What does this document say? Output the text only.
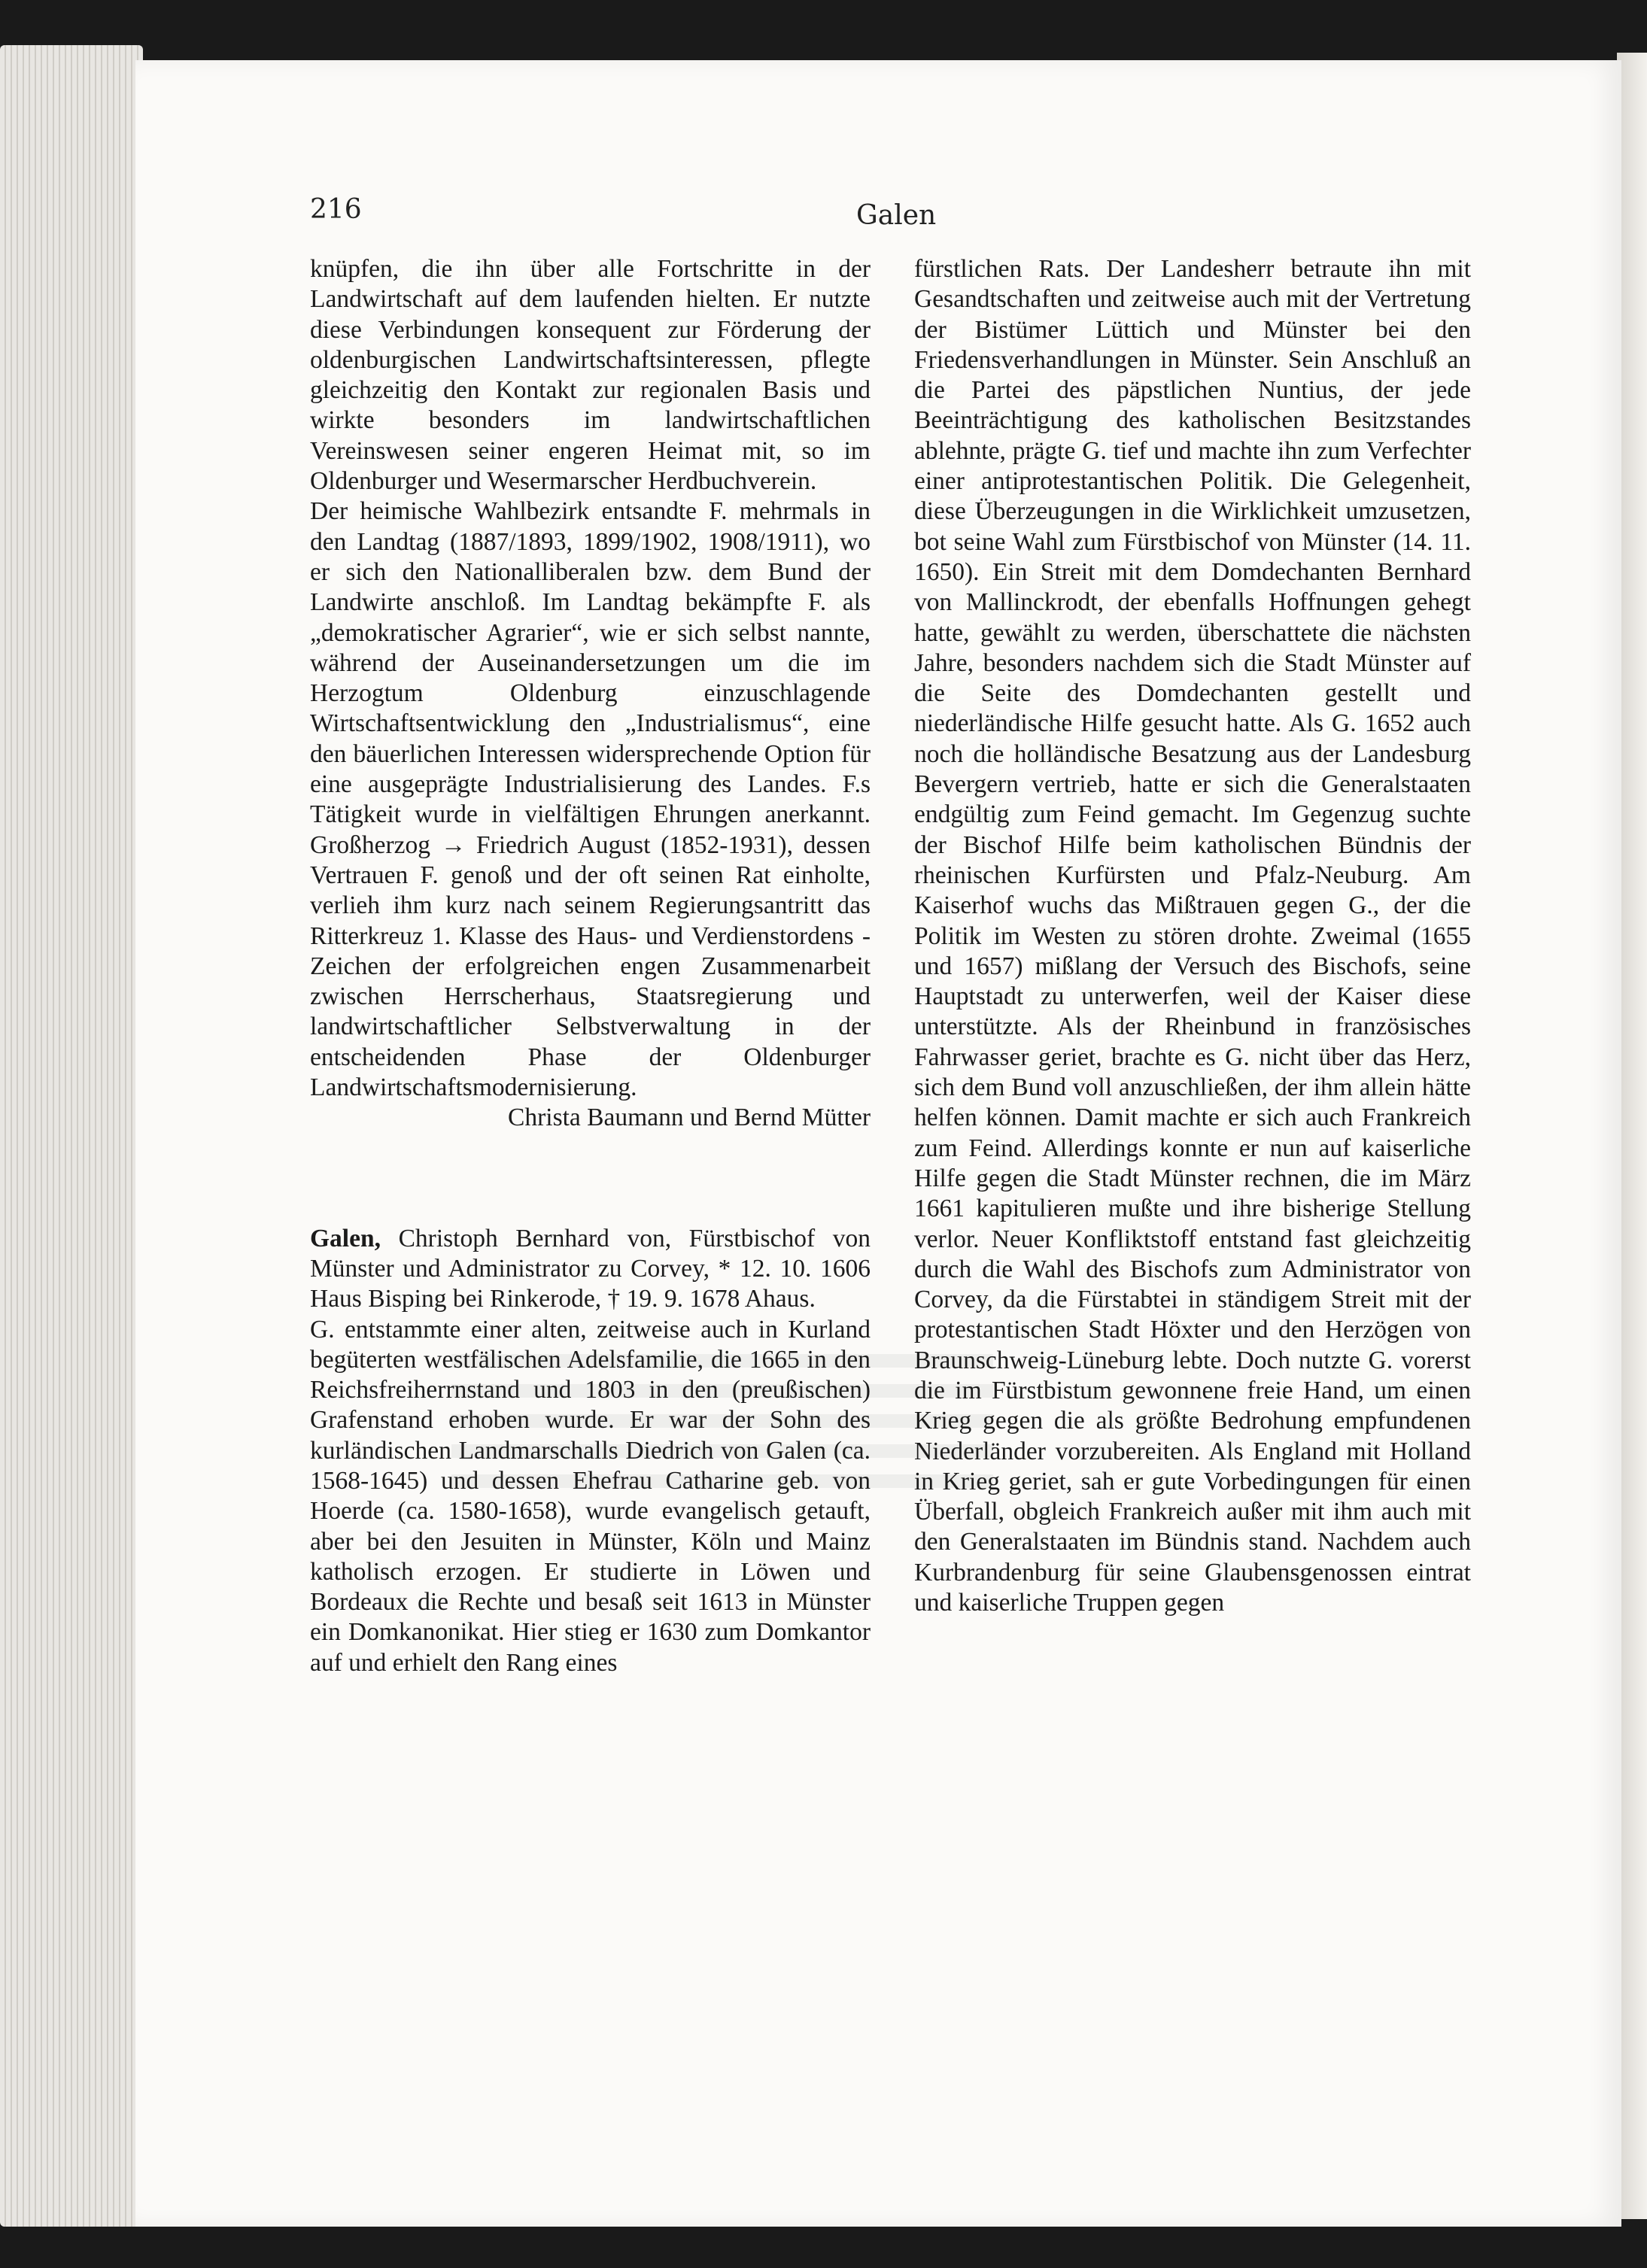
216	Galen

knüpfen, die ihn über alle Fortschritte in der Landwirtschaft auf dem laufenden hielten. Er nutzte diese Verbindungen konsequent zur Förderung der oldenburgischen Landwirtschaftsinteressen, pflegte gleichzeitig den Kontakt zur regionalen Basis und wirkte besonders im landwirtschaftlichen Vereinswesen seiner engeren Heimat mit, so im Oldenburger und Wesermarscher Herdbuchverein.

Der heimische Wahlbezirk entsandte F. mehrmals in den Landtag (1887/1893, 1899/1902, 1908/1911), wo er sich den Nationalliberalen bzw. dem Bund der Landwirte anschloß. Im Landtag bekämpfte F. als „demokratischer Agrarier“, wie er sich selbst nannte, während der Auseinandersetzungen um die im Herzogtum Oldenburg einzuschlagende Wirtschaftsentwicklung den „Industrialismus“, eine den bäuerlichen Interessen widersprechende Option für eine ausgeprägte Industrialisierung des Landes. F.s Tätigkeit wurde in vielfältigen Ehrungen anerkannt. Großherzog → Friedrich August (1852-1931), dessen Vertrauen F. genoß und der oft seinen Rat einholte, verlieh ihm kurz nach seinem Regierungsantritt das Ritterkreuz 1. Klasse des Haus- und Verdienstordens - Zeichen der erfolgreichen engen Zusammenarbeit zwischen Herrscherhaus, Staatsregierung und landwirtschaftlicher Selbstverwaltung in der entscheidenden Phase der Oldenburger Landwirtschaftsmodernisierung.

Christa Baumann und Bernd Mütter

Galen, Christoph Bernhard von, Fürstbischof von Münster und Administrator zu Corvey, * 12. 10. 1606 Haus Bisping bei Rinkerode, † 19. 9. 1678 Ahaus.

G. entstammte einer alten, zeitweise auch in Kurland begüterten westfälischen Adelsfamilie, die 1665 in den Reichsfreiherrnstand und 1803 in den (preußischen) Grafenstand erhoben wurde. Er war der Sohn des kurländischen Landmarschalls Diedrich von Galen (ca. 1568-1645) und dessen Ehefrau Catharine geb. von Hoerde (ca. 1580-1658), wurde evangelisch getauft, aber bei den Jesuiten in Münster, Köln und Mainz katholisch erzogen. Er studierte in Löwen und Bordeaux die Rechte und besaß seit 1613 in Münster ein Domkanonikat. Hier stieg er 1630 zum Domkantor auf und erhielt den Rang eines

fürstlichen Rats. Der Landesherr betraute ihn mit Gesandtschaften und zeitweise auch mit der Vertretung der Bistümer Lüttich und Münster bei den Friedensverhandlungen in Münster. Sein Anschluß an die Partei des päpstlichen Nuntius, der jede Beeinträchtigung des katholischen Besitzstandes ablehnte, prägte G. tief und machte ihn zum Verfechter einer antiprotestantischen Politik. Die Gelegenheit, diese Überzeugungen in die Wirklichkeit umzusetzen, bot seine Wahl zum Fürstbischof von Münster (14. 11. 1650). Ein Streit mit dem Domdechanten Bernhard von Mallinckrodt, der ebenfalls Hoffnungen gehegt hatte, gewählt zu werden, überschattete die nächsten Jahre, besonders nachdem sich die Stadt Münster auf die Seite des Domdechanten gestellt und niederländische Hilfe gesucht hatte. Als G. 1652 auch noch die holländische Besatzung aus der Landesburg Bevergern vertrieb, hatte er sich die Generalstaaten endgültig zum Feind gemacht. Im Gegenzug suchte der Bischof Hilfe beim katholischen Bündnis der rheinischen Kurfürsten und Pfalz-Neuburg. Am Kaiserhof wuchs das Mißtrauen gegen G., der die Politik im Westen zu stören drohte. Zweimal (1655 und 1657) mißlang der Versuch des Bischofs, seine Hauptstadt zu unterwerfen, weil der Kaiser diese unterstützte. Als der Rheinbund in französisches Fahrwasser geriet, brachte es G. nicht über das Herz, sich dem Bund voll anzuschließen, der ihm allein hätte helfen können. Damit machte er sich auch Frankreich zum Feind. Allerdings konnte er nun auf kaiserliche Hilfe gegen die Stadt Münster rechnen, die im März 1661 kapitulieren mußte und ihre bisherige Stellung verlor. Neuer Konfliktstoff entstand fast gleichzeitig durch die Wahl des Bischofs zum Administrator von Corvey, da die Fürstabtei in ständigem Streit mit der protestantischen Stadt Höxter und den Herzögen von Braunschweig-Lüneburg lebte. Doch nutzte G. vorerst die im Fürstbistum gewonnene freie Hand, um einen Krieg gegen die als größte Bedrohung empfundenen Niederländer vorzubereiten. Als England mit Holland in Krieg geriet, sah er gute Vorbedingungen für einen Überfall, obgleich Frankreich außer mit ihm auch mit den Generalstaaten im Bündnis stand. Nachdem auch Kurbrandenburg für seine Glaubensgenossen eintrat und kaiserliche Truppen gegen
